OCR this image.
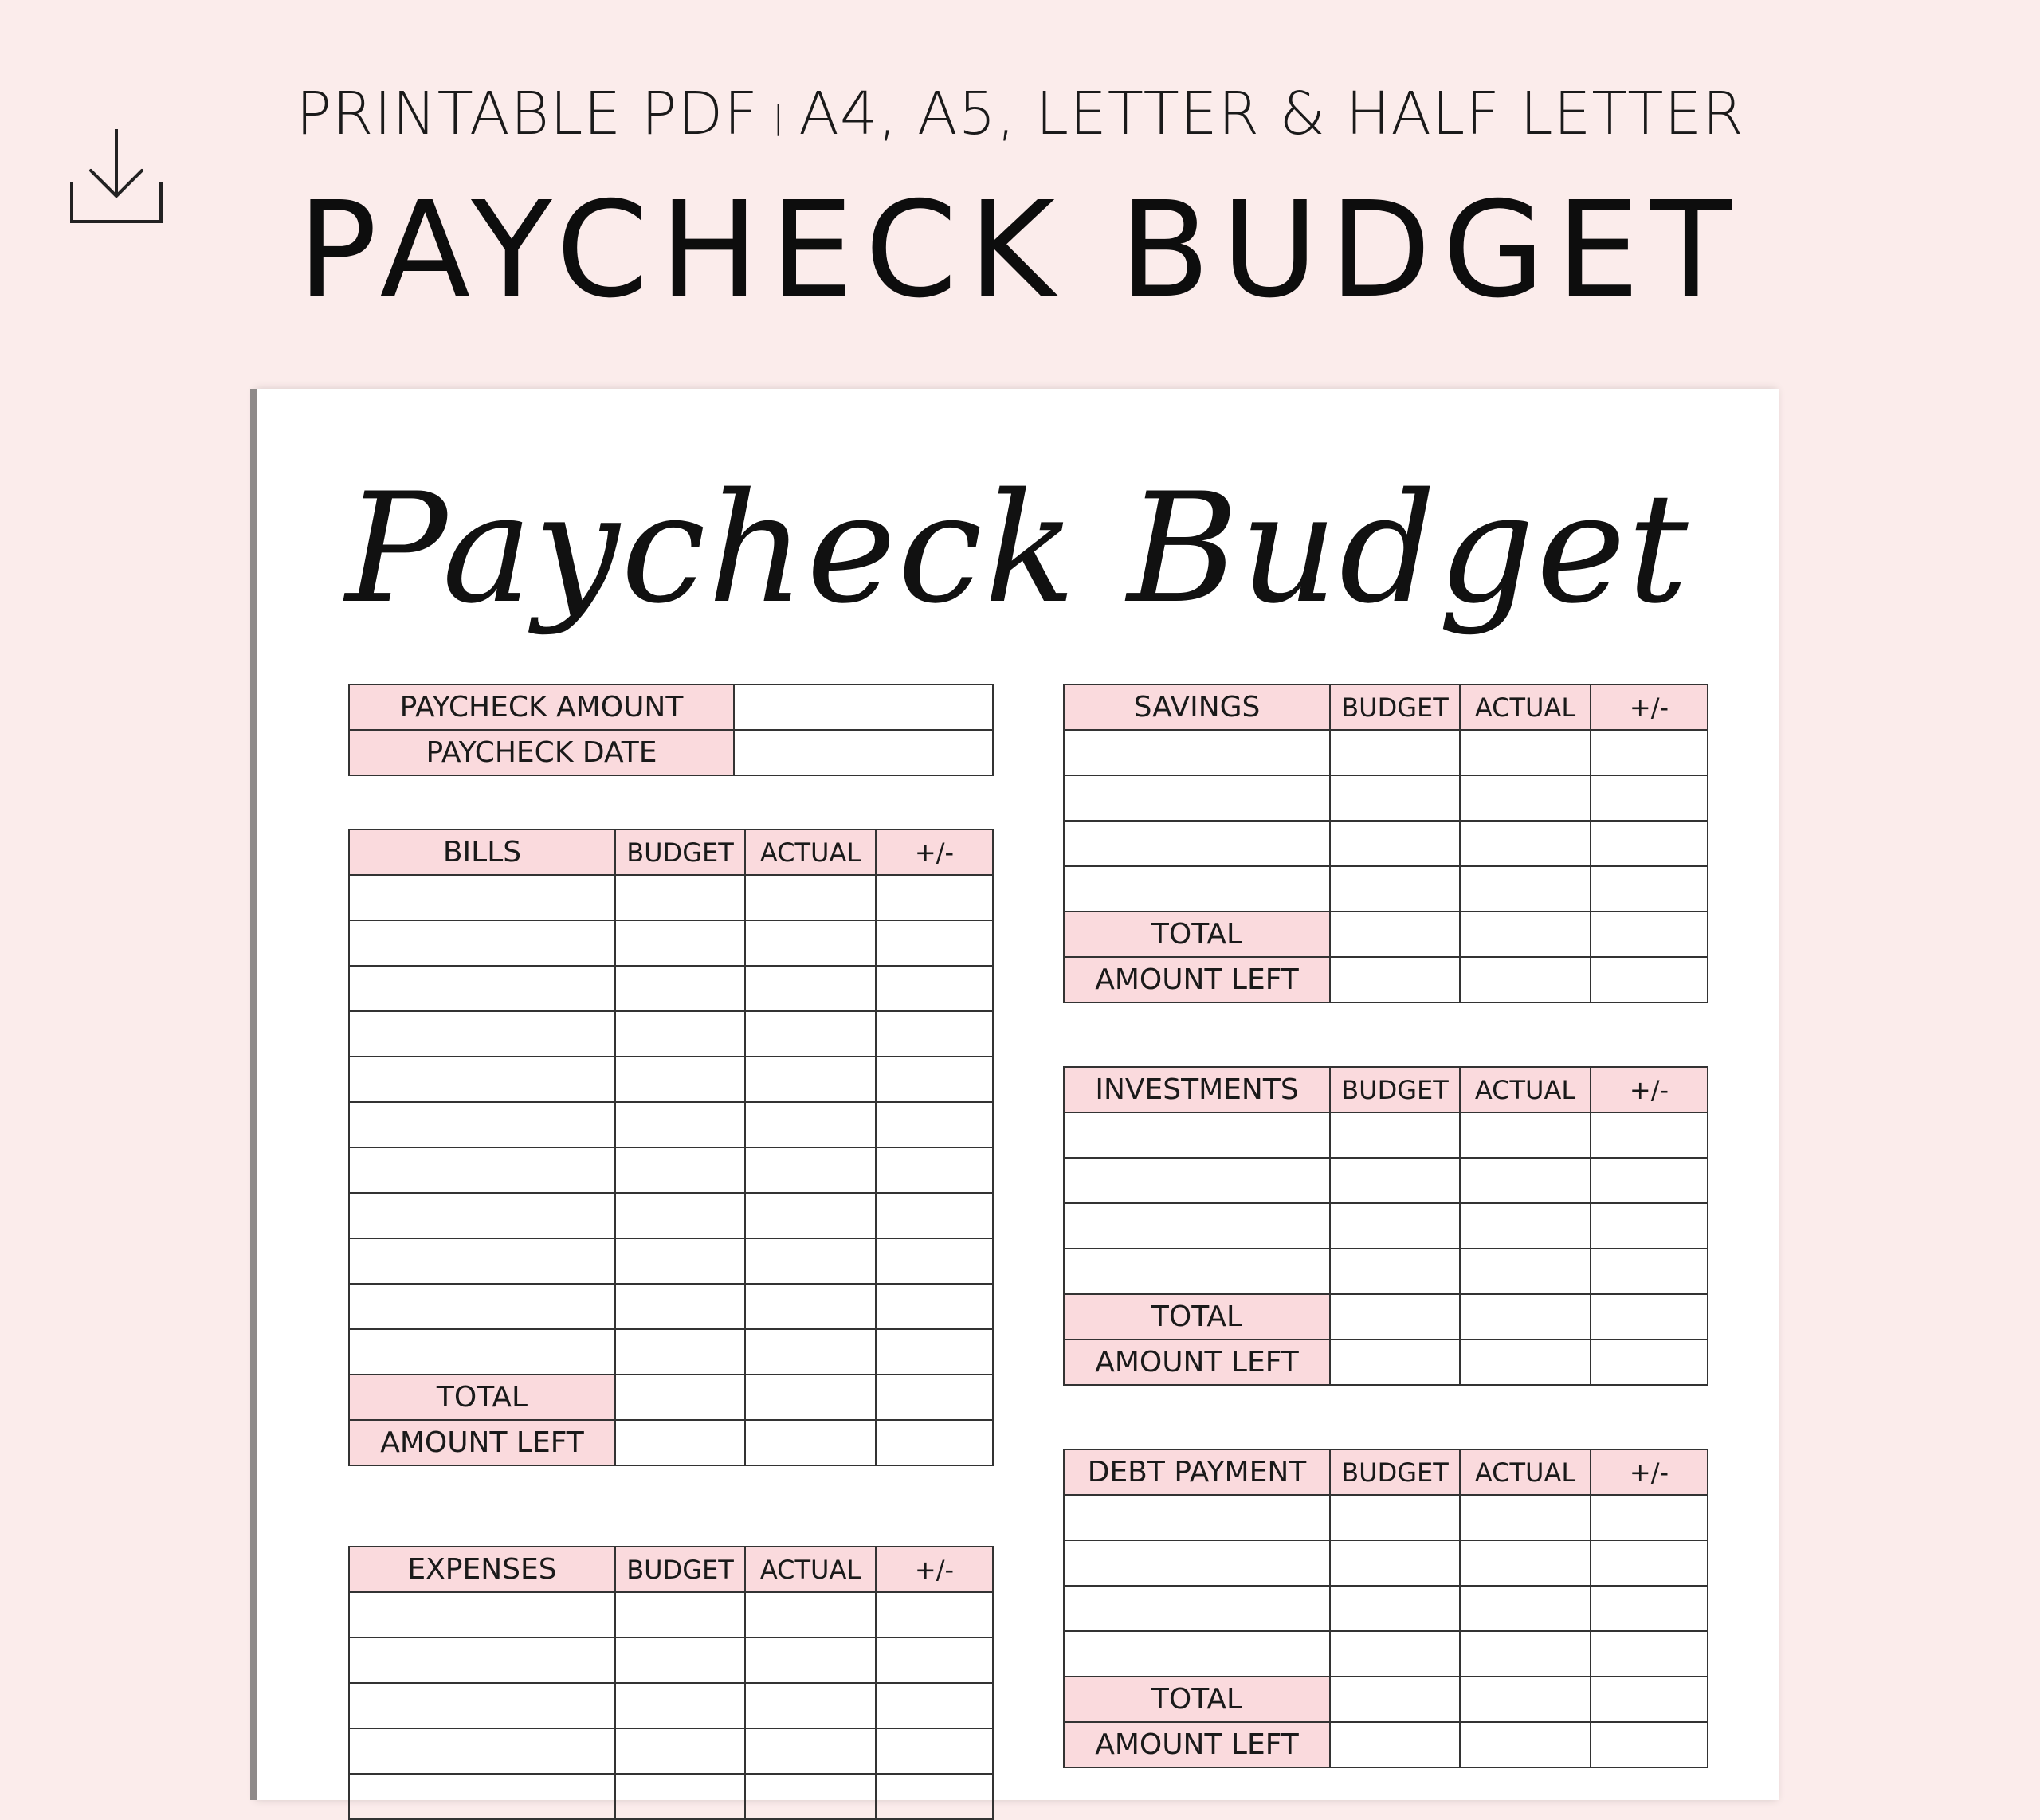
PRINTABLE PDF | A4, A5, LETTER & HALF LETTER
PAYCHECK BUDGET
Paycheck Budget
PAYCHECK AMOUNT	
PAYCHECK DATE	
BILLS	BUDGET	ACTUAL	+/-

TOTAL			
AMOUNT LEFT			
EXPENSES	BUDGET	ACTUAL	+/-

SAVINGS	BUDGET	ACTUAL	+/-

TOTAL			
AMOUNT LEFT			
INVESTMENTS	BUDGET	ACTUAL	+/-

TOTAL			
AMOUNT LEFT			
DEBT PAYMENT	BUDGET	ACTUAL	+/-

TOTAL			
AMOUNT LEFT			
